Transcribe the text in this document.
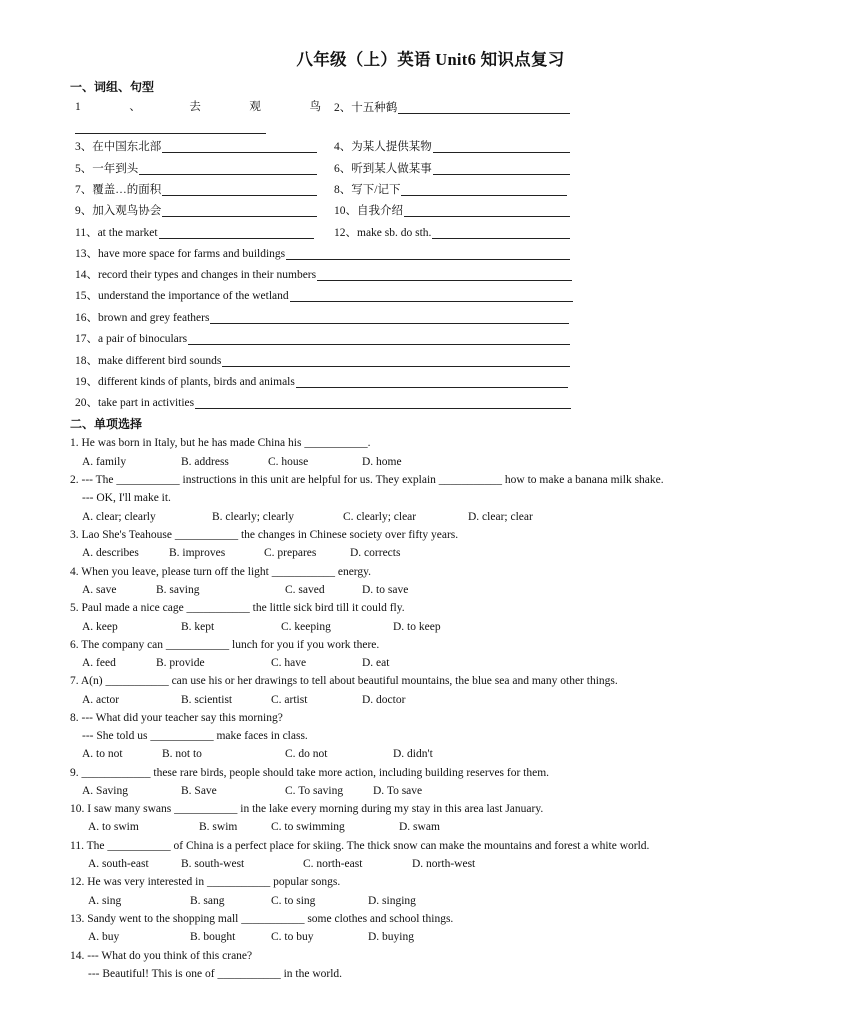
八年级（上）英语 Unit6 知识点复习
一、词组、句型
1、去观鸟 2、十五种鹤
3、在中国东北部	4、为某人提供某物
5、一年到头	6、听到某人做某事
7、覆盖…的面积	8、写下/记下
9、加入观鸟协会	10、自我介绍
11、at the market	12、make sb. do sth.
13、have more space for farms and buildings
14、record their types and changes in their numbers
15、understand the importance of the wetland
16、brown and grey feathers
17、a pair of binoculars
18、make different bird sounds
19、different kinds of plants, birds and animals
20、take part in activities
二、单项选择
1. He was born in Italy, but he has made China his ___________.
A. family	B. address	C. house	D. home
2. --- The ___________ instructions in this unit are helpful for us. They explain ___________ how to make a banana milk shake.
--- OK, I'll make it.
A. clear; clearly	B. clearly; clearly	C. clearly; clear	D. clear; clear
3. Lao She's Teahouse ___________ the changes in Chinese society over fifty years.
A. describes	B. improves	C. prepares	D. corrects
4. When you leave, please turn off the light ___________ energy.
A. save	B. saving	C. saved	D. to save
5. Paul made a nice cage ___________ the little sick bird till it could fly.
A. keep	B. kept	C. keeping	D. to keep
6. The company can ___________ lunch for you if you work there.
A. feed	B. provide	C. have	D. eat
7. A(n) ___________ can use his or her drawings to tell about beautiful mountains, the blue sea and many other things.
A. actor	B. scientist	C. artist	D. doctor
8. --- What did your teacher say this morning?
--- She told us ___________ make faces in class.
A. to not	B. not to	C. do not	D. didn't
9. ____________ these rare birds, people should take more action, including building reserves for them.
A. Saving	B. Save	C. To saving	D. To save
10. I saw many swans ___________ in the lake every morning during my stay in this area last January.
A. to swim	B. swim	C. to swimming	D. swam
11. The ___________ of China is a perfect place for skiing. The thick snow can make the mountains and forest a white world.
A. south-east	B. south-west	C. north-east	D. north-west
12. He was very interested in ___________ popular songs.
A. sing	B. sang	C. to sing	D. singing
13. Sandy went to the shopping mall ___________ some clothes and school things.
A. buy	B. bought	C. to buy	D. buying
14. --- What do you think of this crane?
--- Beautiful! This is one of ___________ in the world.
